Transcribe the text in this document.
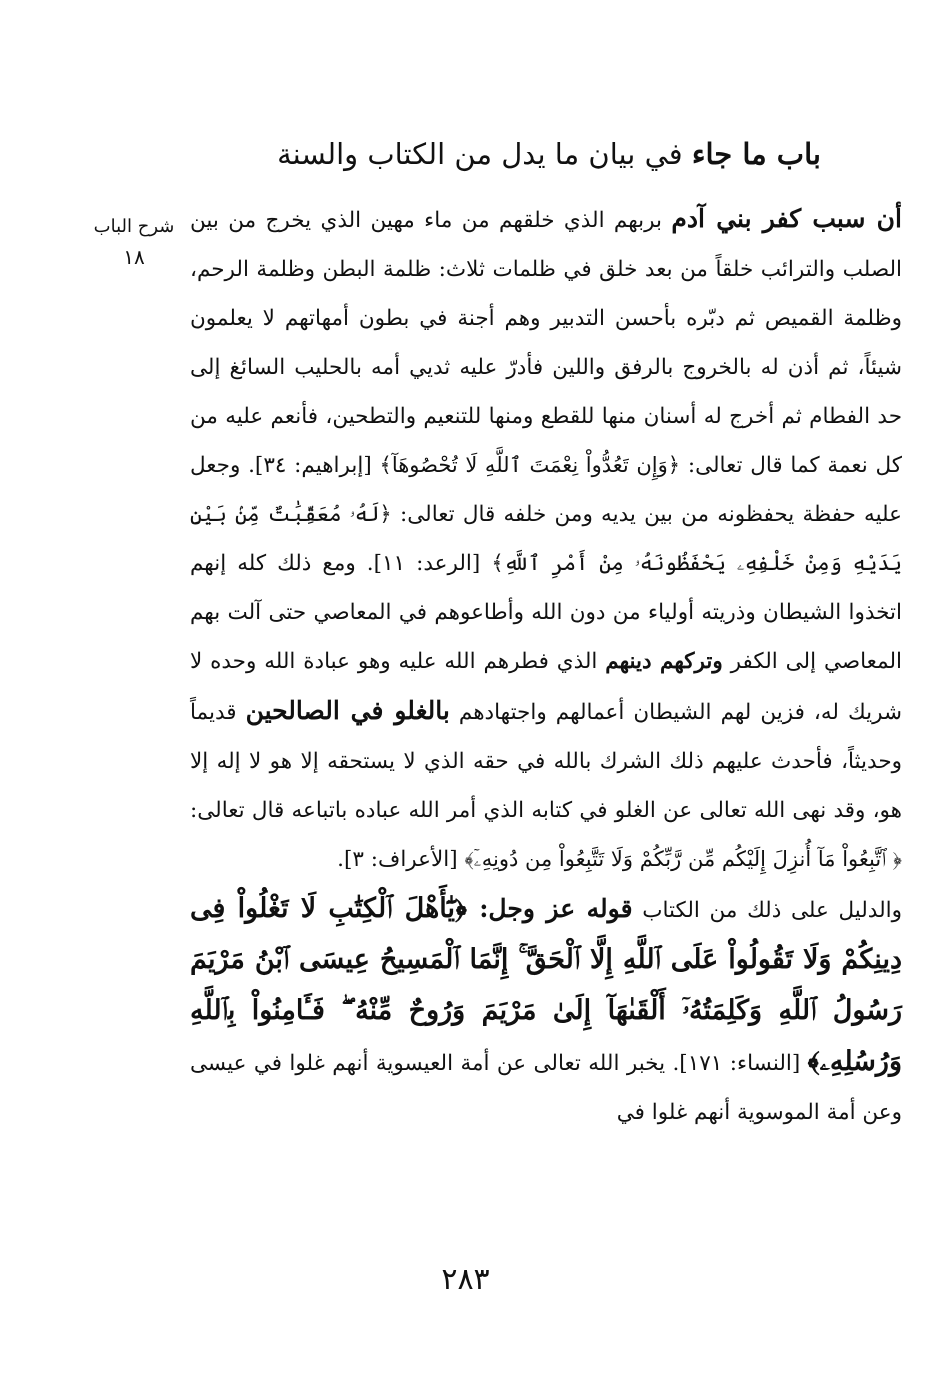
باب ما جاء في بيان ما يدل من الكتاب والسنة
شرح الباب
١٨

أن سبب كفر بني آدم بربهم الذي خلقهم من ماء مهين الذي يخرج من بين الصلب والترائب خلقاً من بعد خلق في ظلمات ثلاث: ظلمة البطن وظلمة الرحم، وظلمة القميص ثم دبّره بأحسن التدبير وهم أجنة في بطون أمهاتهم لا يعلمون شيئاً، ثم أذن له بالخروج بالرفق واللين فأدرّ عليه ثديي أمه بالحليب السائغ إلى حد الفطام ثم أخرج له أسنان منها للقطع ومنها للتنعيم والتطحين، فأنعم عليه من كل نعمة كما قال تعالى: ﴿وَإِن تَعُدُّواْ نِعْمَتَ ٱللَّهِ لَا تُحْصُوهَآ﴾ [إبراهيم: ٣٤]. وجعل عليه حفظة يحفظونه من بين يديه ومن خلفه قال تعالى: ﴿لَهُۥ مُعَقِّبَٰتٌ مِّنۢ بَيْنِ يَدَيْهِ وَمِنْ خَلْفِهِۦ يَحْفَظُونَهُۥ مِنْ أَمْرِ ٱللَّهِ﴾ [الرعد: ١١]. ومع ذلك كله إنهم اتخذوا الشيطان وذريته أولياء من دون الله وأطاعوهم في المعاصي حتى آلت بهم المعاصي إلى الكفر وتركهم دينهم الذي فطرهم الله عليه وهو عبادة الله وحده لا شريك له، فزين لهم الشيطان أعمالهم واجتهادهم بالغلو في الصالحين قديماً وحديثاً، فأحدث عليهم ذلك الشرك بالله في حقه الذي لا يستحقه إلا هو لا إله إلا هو، وقد نهى الله تعالى عن الغلو في كتابه الذي أمر الله عباده باتباعه قال تعالى: ﴿ ٱتَّبِعُواْ مَآ أُنزِلَ إِلَيْكُم مِّن رَّبِّكُمْ وَلَا تَتَّبِعُواْ مِن دُونِهِۦٓ﴾ [الأعراف: ٣].

والدليل على ذلك من الكتاب قوله عز وجل: ﴿يَٰٓأَهْلَ ٱلْكِتَٰبِ لَا تَغْلُواْ فِى دِينِكُمْ وَلَا تَقُولُواْ عَلَى ٱللَّهِ إِلَّا ٱلْحَقَّ ۚ إِنَّمَا ٱلْمَسِيحُ عِيسَى ٱبْنُ مَرْيَمَ رَسُولُ ٱللَّهِ وَكَلِمَتُهُۥٓ أَلْقَىٰهَآ إِلَىٰ مَرْيَمَ وَرُوحٌ مِّنْهُ ۖ فَـَٔامِنُواْ بِٱللَّهِ وَرُسُلِهِۦ﴾ [النساء: ١٧١]. يخبر الله تعالى عن أمة العيسوية أنهم غلوا في عيسى وعن أمة الموسوية أنهم غلوا في

٢٨٣
